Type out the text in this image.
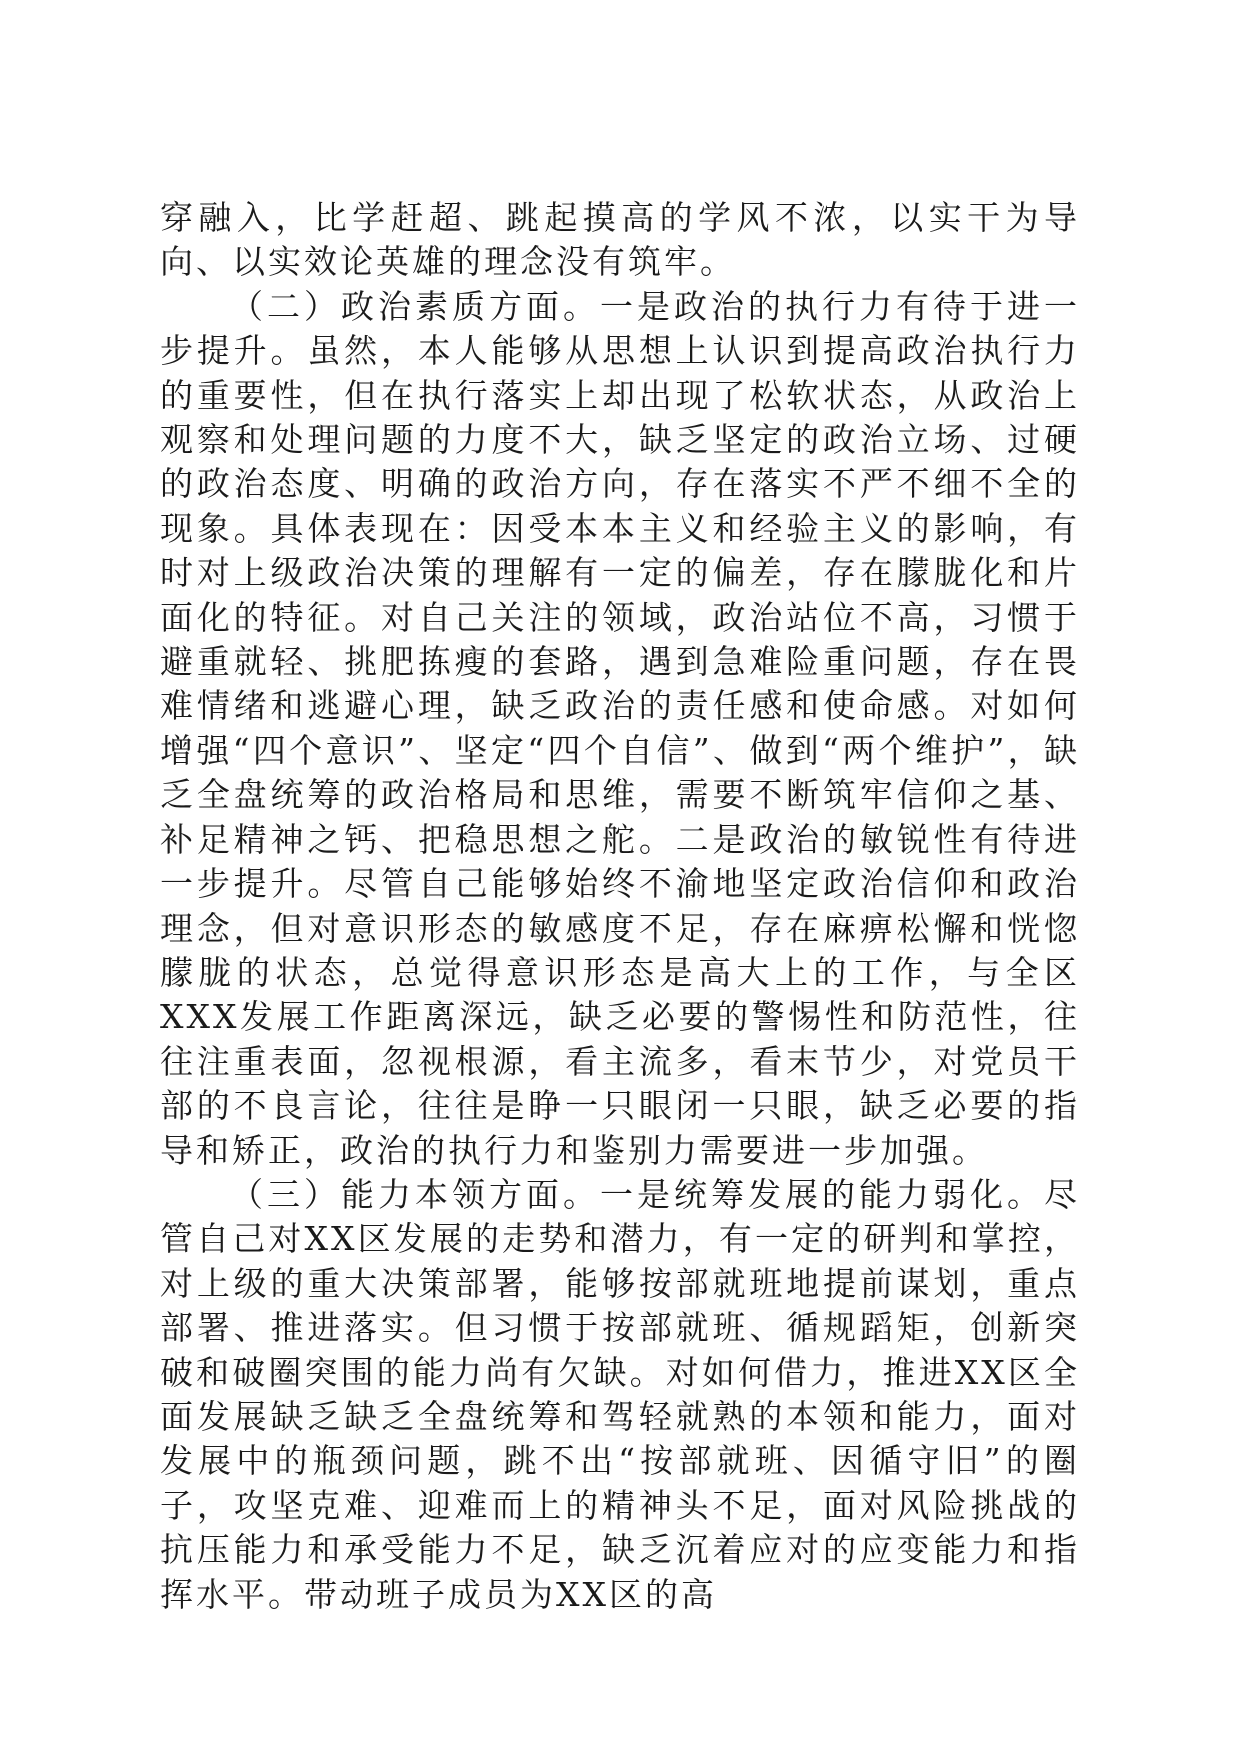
穿融入，比学赶超、跳起摸高的学风不浓，以实干为导向、以实效论英雄的理念没有筑牢。

（二）政治素质方面。一是政治的执行力有待于进一步提升。虽然，本人能够从思想上认识到提高政治执行力的重要性，但在执行落实上却出现了松软状态，从政治上观察和处理问题的力度不大，缺乏坚定的政治立场、过硬的政治态度、明确的政治方向，存在落实不严不细不全的现象。具体表现在：因受本本主义和经验主义的影响，有时对上级政治决策的理解有一定的偏差，存在朦胧化和片面化的特征。对自己关注的领域，政治站位不高，习惯于避重就轻、挑肥拣瘦的套路，遇到急难险重问题，存在畏难情绪和逃避心理，缺乏政治的责任感和使命感。对如何增强“四个意识”、坚定“四个自信”、做到“两个维护”，缺乏全盘统筹的政治格局和思维，需要不断筑牢信仰之基、补足精神之钙、把稳思想之舵。二是政治的敏锐性有待进一步提升。尽管自己能够始终不渝地坚定政治信仰和政治理念，但对意识形态的敏感度不足，存在麻痹松懈和恍惚朦胧的状态，总觉得意识形态是高大上的工作，与全区XXX发展工作距离深远，缺乏必要的警惕性和防范性，往往注重表面，忽视根源，看主流多，看末节少，对党员干部的不良言论，往往是睁一只眼闭一只眼，缺乏必要的指导和矫正，政治的执行力和鉴别力需要进一步加强。

（三）能力本领方面。一是统筹发展的能力弱化。尽管自己对XX区发展的走势和潜力，有一定的研判和掌控，对上级的重大决策部署，能够按部就班地提前谋划，重点部署、推进落实。但习惯于按部就班、循规蹈矩，创新突破和破圈突围的能力尚有欠缺。对如何借力，推进XX区全面发展缺乏缺乏全盘统筹和驾轻就熟的本领和能力，面对发展中的瓶颈问题，跳不出“按部就班、因循守旧”的圈子，攻坚克难、迎难而上的精神头不足，面对风险挑战的抗压能力和承受能力不足，缺乏沉着应对的应变能力和指挥水平。带动班子成员为XX区的高
